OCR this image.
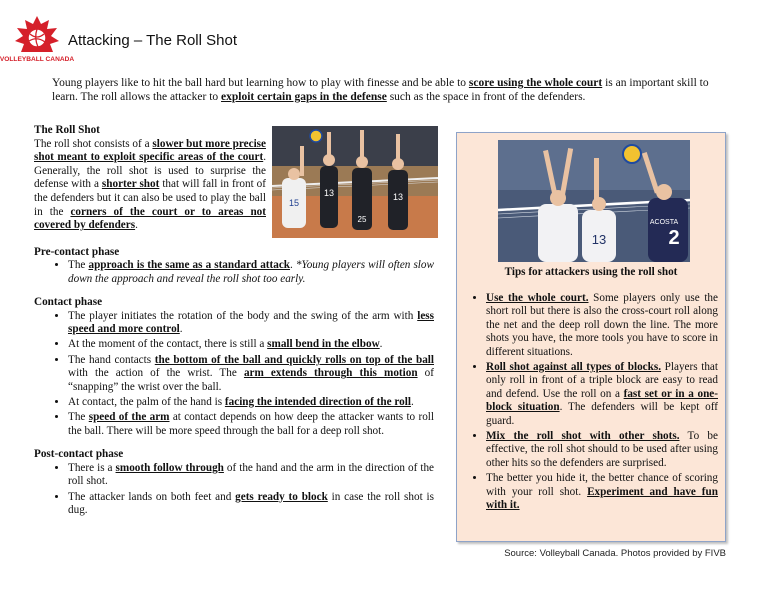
VOLLEYBALL CANADA
Attacking – The Roll Shot
Young players like to hit the ball hard but learning how to play with finesse and be able to score using the whole court is an important skill to learn. The roll allows the attacker to exploit certain gaps in the defense such as the space in front of the defenders.
The Roll Shot
The roll shot consists of a slower but more precise shot meant to exploit specific areas of the court. Generally, the roll shot is used to surprise the defense with a shorter shot that will fall in front of the defenders but it can also be used to play the ball in the corners of the court or to areas not covered by defenders.
15
13	13
25
Pre-contact phase
• The approach is the same as a standard attack. *Young players will often slow down the approach and reveal the roll shot too early.
Contact phase
• The player initiates the rotation of the body and the swing of the arm with less speed and more control.
• At the moment of the contact, there is still a small bend in the elbow.
• The hand contacts the bottom of the ball and quickly rolls on top of the ball with the action of the wrist. The arm extends through this motion of “snapping” the wrist over the ball.
• At contact, the palm of the hand is facing the intended direction of the roll.
• The speed of the arm at contact depends on how deep the attacker wants to roll the ball. There will be more speed through the ball for a deep roll shot.
Post-contact phase
• There is a smooth follow through of the hand and the arm in the direction of the roll shot.
• The attacker lands on both feet and gets ready to block in case the roll shot is dug.
13	2
ACOSTA
Tips for attackers using the roll shot
• Use the whole court. Some players only use the short roll but there is also the cross-court roll along the net and the deep roll down the line. The more shots you have, the more tools you have to score in different situations.
• Roll shot against all types of blocks. Players that only roll in front of a triple block are easy to read and defend. Use the roll on a fast set or in a one-block situation. The defenders will be kept off guard.
• Mix the roll shot with other shots. To be effective, the roll shot should to be used after using other hits so the defenders are surprised.
• The better you hide it, the better chance of scoring with your roll shot. Experiment and have fun with it.
Source: Volleyball Canada. Photos provided by FIVB
